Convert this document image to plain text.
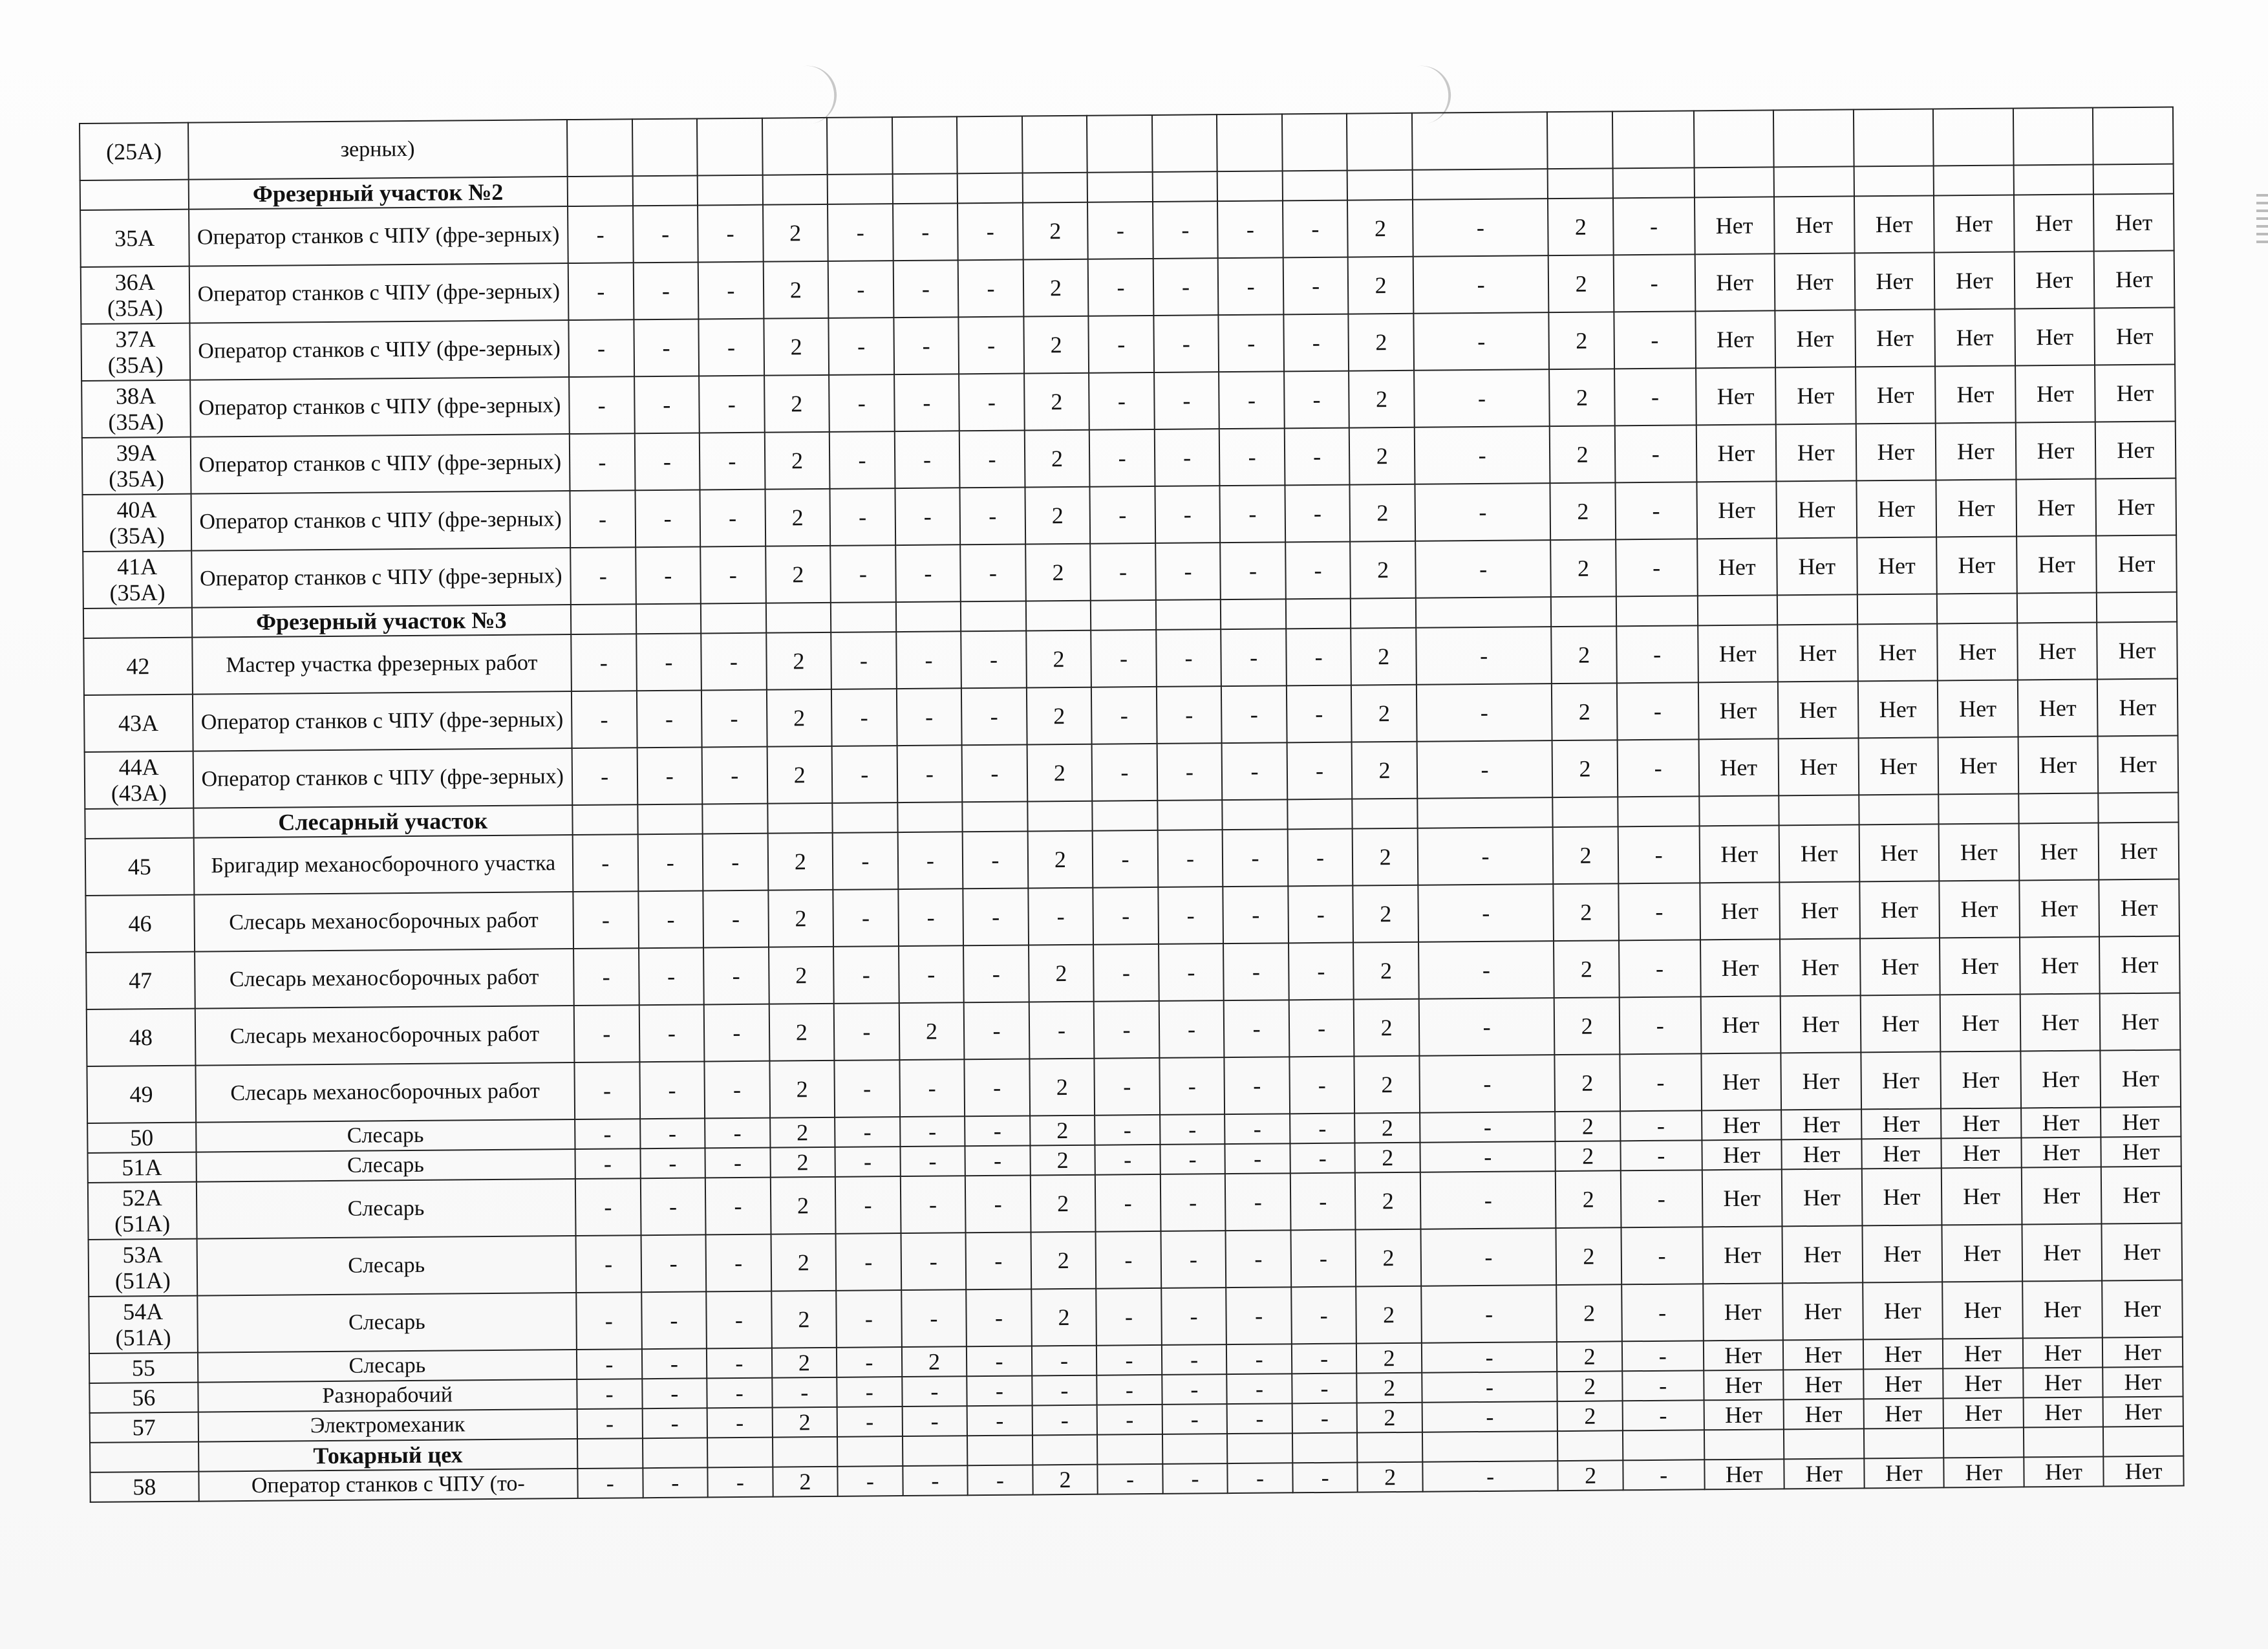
(25А)	зерных)																						
	Фрезерный участок №2																						
35А	Оператор станков с ЧПУ (фре-зерных)	-	-	-	2	-	-	-	2	-	-	-	-	2	-	2	-	Нет	Нет	Нет	Нет	Нет	Нет
36А (35А)	Оператор станков с ЧПУ (фре-зерных)	-	-	-	2	-	-	-	2	-	-	-	-	2	-	2	-	Нет	Нет	Нет	Нет	Нет	Нет
37А (35А)	Оператор станков с ЧПУ (фре-зерных)	-	-	-	2	-	-	-	2	-	-	-	-	2	-	2	-	Нет	Нет	Нет	Нет	Нет	Нет
38А (35А)	Оператор станков с ЧПУ (фре-зерных)	-	-	-	2	-	-	-	2	-	-	-	-	2	-	2	-	Нет	Нет	Нет	Нет	Нет	Нет
39А (35А)	Оператор станков с ЧПУ (фре-зерных)	-	-	-	2	-	-	-	2	-	-	-	-	2	-	2	-	Нет	Нет	Нет	Нет	Нет	Нет
40А (35А)	Оператор станков с ЧПУ (фре-зерных)	-	-	-	2	-	-	-	2	-	-	-	-	2	-	2	-	Нет	Нет	Нет	Нет	Нет	Нет
41А (35А)	Оператор станков с ЧПУ (фре-зерных)	-	-	-	2	-	-	-	2	-	-	-	-	2	-	2	-	Нет	Нет	Нет	Нет	Нет	Нет
	Фрезерный участок №3																						
42	Мастер участка фрезерных работ	-	-	-	2	-	-	-	2	-	-	-	-	2	-	2	-	Нет	Нет	Нет	Нет	Нет	Нет
43А	Оператор станков с ЧПУ (фре-зерных)	-	-	-	2	-	-	-	2	-	-	-	-	2	-	2	-	Нет	Нет	Нет	Нет	Нет	Нет
44А (43А)	Оператор станков с ЧПУ (фре-зерных)	-	-	-	2	-	-	-	2	-	-	-	-	2	-	2	-	Нет	Нет	Нет	Нет	Нет	Нет
	Слесарный участок																						
45	Бригадир механосборочного участка	-	-	-	2	-	-	-	2	-	-	-	-	2	-	2	-	Нет	Нет	Нет	Нет	Нет	Нет
46	Слесарь механосборочных работ	-	-	-	2	-	-	-	-	-	-	-	-	2	-	2	-	Нет	Нет	Нет	Нет	Нет	Нет
47	Слесарь механосборочных работ	-	-	-	2	-	-	-	2	-	-	-	-	2	-	2	-	Нет	Нет	Нет	Нет	Нет	Нет
48	Слесарь механосборочных работ	-	-	-	2	-	2	-	-	-	-	-	-	2	-	2	-	Нет	Нет	Нет	Нет	Нет	Нет
49	Слесарь механосборочных работ	-	-	-	2	-	-	-	2	-	-	-	-	2	-	2	-	Нет	Нет	Нет	Нет	Нет	Нет
50	Слесарь	-	-	-	2	-	-	-	2	-	-	-	-	2	-	2	-	Нет	Нет	Нет	Нет	Нет	Нет
51А	Слесарь	-	-	-	2	-	-	-	2	-	-	-	-	2	-	2	-	Нет	Нет	Нет	Нет	Нет	Нет
52А (51А)	Слесарь	-	-	-	2	-	-	-	2	-	-	-	-	2	-	2	-	Нет	Нет	Нет	Нет	Нет	Нет
53А (51А)	Слесарь	-	-	-	2	-	-	-	2	-	-	-	-	2	-	2	-	Нет	Нет	Нет	Нет	Нет	Нет
54А (51А)	Слесарь	-	-	-	2	-	-	-	2	-	-	-	-	2	-	2	-	Нет	Нет	Нет	Нет	Нет	Нет
55	Слесарь	-	-	-	2	-	2	-	-	-	-	-	-	2	-	2	-	Нет	Нет	Нет	Нет	Нет	Нет
56	Разнорабочий	-	-	-	-	-	-	-	-	-	-	-	-	2	-	2	-	Нет	Нет	Нет	Нет	Нет	Нет
57	Электромеханик	-	-	-	2	-	-	-	-	-	-	-	-	2	-	2	-	Нет	Нет	Нет	Нет	Нет	Нет
	Токарный цех																						
58	Оператор станков с ЧПУ (то-	-	-	-	2	-	-	-	2	-	-	-	-	2	-	2	-	Нет	Нет	Нет	Нет	Нет	Нет
